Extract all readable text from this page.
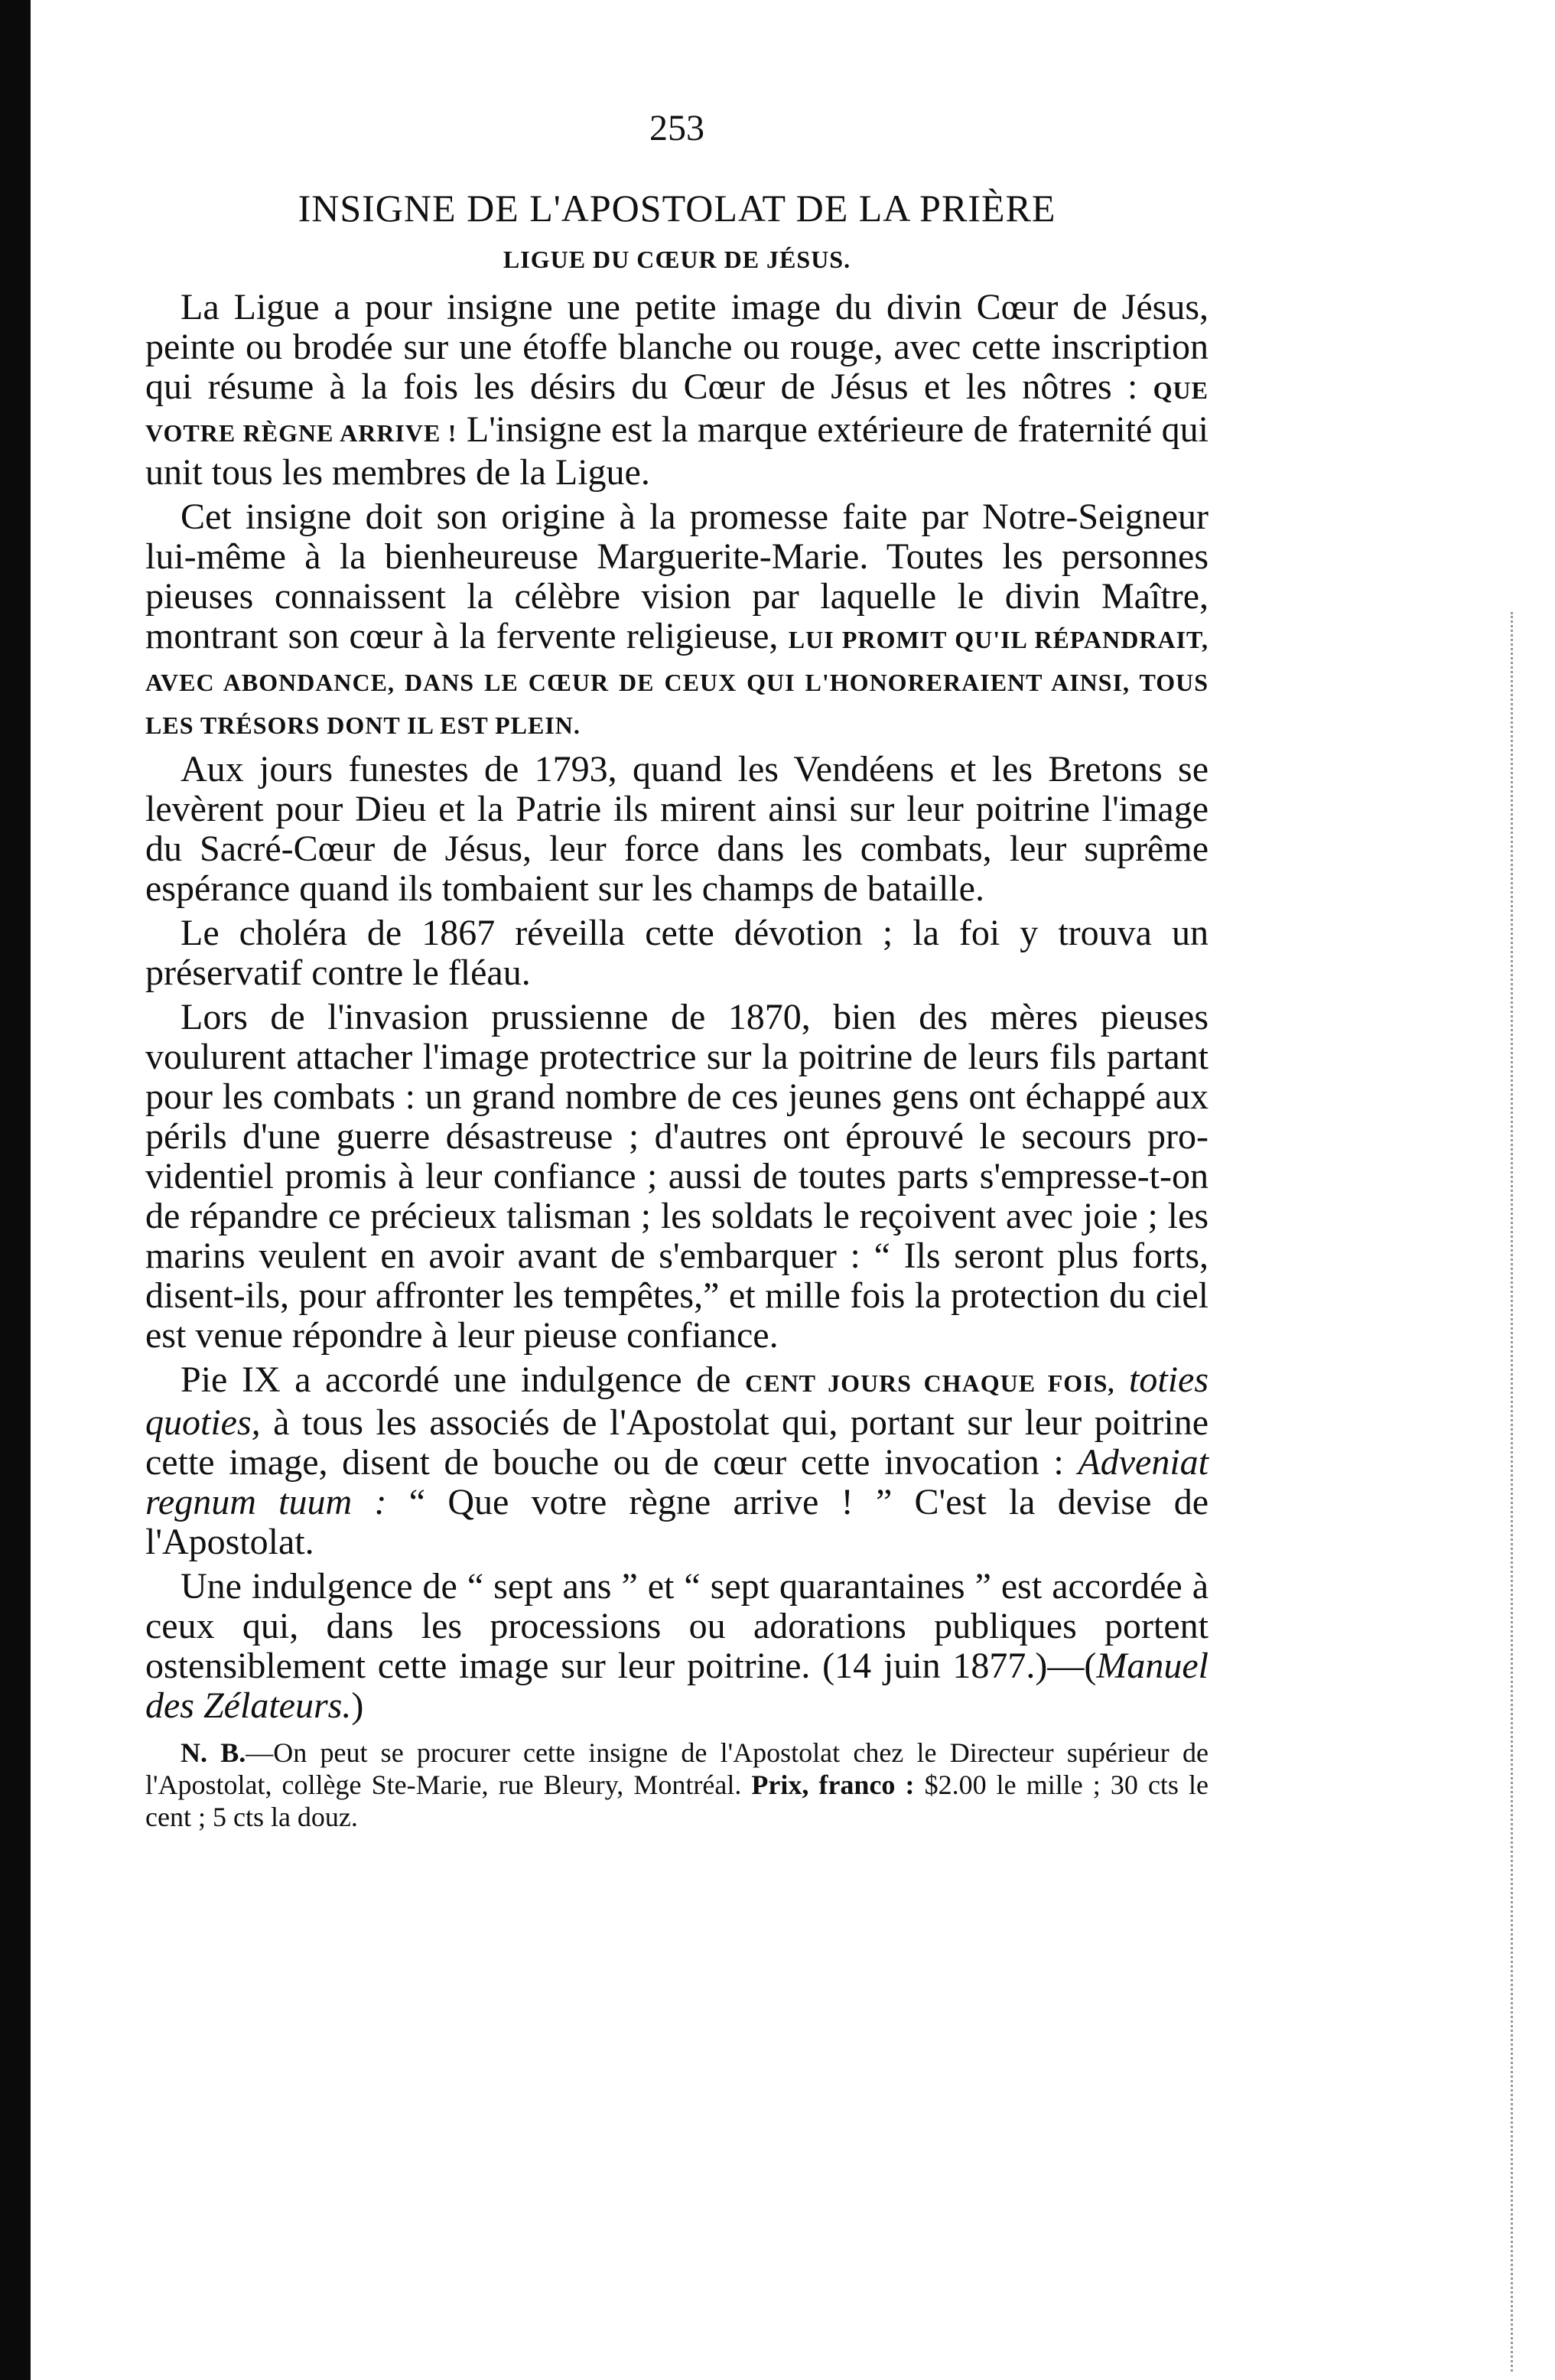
253
INSIGNE DE L'APOSTOLAT DE LA PRIÈRE
LIGUE DU CŒUR DE JÉSUS.

La Ligue a pour insigne une petite image du divin Cœur de Jésus, peinte ou brodée sur une étoffe blanche ou rouge, avec cette inscription qui résume à la fois les désirs du Cœur de Jésus et les nôtres : QUE VOTRE RÈGNE ARRIVE ! L'insigne est la marque extérieure de fraternité qui unit tous les membres de la Ligue.

Cet insigne doit son origine à la promesse faite par Notre-Seigneur lui-même à la bienheureuse Marguerite-Marie. Toutes les personnes pieuses connaissent la célèbre vision par laquelle le divin Maître, montrant son cœur à la fervente religieuse, LUI PROMIT QU'IL RÉPANDRAIT, AVEC ABONDANCE, DANS LE CŒUR DE CEUX QUI L'HONORERAIENT AINSI, TOUS LES TRÉSORS DONT IL EST PLEIN.

Aux jours funestes de 1793, quand les Vendéens et les Bretons se levèrent pour Dieu et la Patrie ils mirent ainsi sur leur poitrine l'image du Sacré-Cœur de Jésus, leur force dans les combats, leur suprême espérance quand ils tombaient sur les champs de bataille.

Le choléra de 1867 réveilla cette dévotion ; la foi y trouva un préservatif contre le fléau.

Lors de l'invasion prussienne de 1870, bien des mères pieuses voulurent attacher l'image protectrice sur la poitrine de leurs fils partant pour les combats : un grand nombre de ces jeunes gens ont échappé aux périls d'une guerre désastreuse ; d'autres ont éprouvé le secours providentiel promis à leur confiance ; aussi de toutes parts s'empresse-t-on de répandre ce précieux talisman ; les soldats le reçoivent avec joie ; les marins veulent en avoir avant de s'embarquer : “ Ils seront plus forts, disent-ils, pour affronter les tempêtes,” et mille fois la protection du ciel est venue répondre à leur pieuse confiance.

Pie IX a accordé une indulgence de CENT JOURS CHAQUE FOIS, toties quoties, à tous les associés de l'Apostolat qui, portant sur leur poitrine cette image, disent de bouche ou de cœur cette invocation : Adveniat regnum tuum : “ Que votre règne arrive ! ” C'est la devise de l'Apostolat.

Une indulgence de “ sept ans ” et “ sept quarantaines ” est accordée à ceux qui, dans les processions ou adorations publiques portent ostensiblement cette image sur leur poitrine. (14 juin 1877.)—(Manuel des Zélateurs.)

N. B.—On peut se procurer cette insigne de l'Apostolat chez le Directeur supérieur de l'Apostolat, collège Ste-Marie, rue Bleury, Montréal. Prix, franco : $2.00 le mille ; 30 cts le cent ; 5 cts la douz.
